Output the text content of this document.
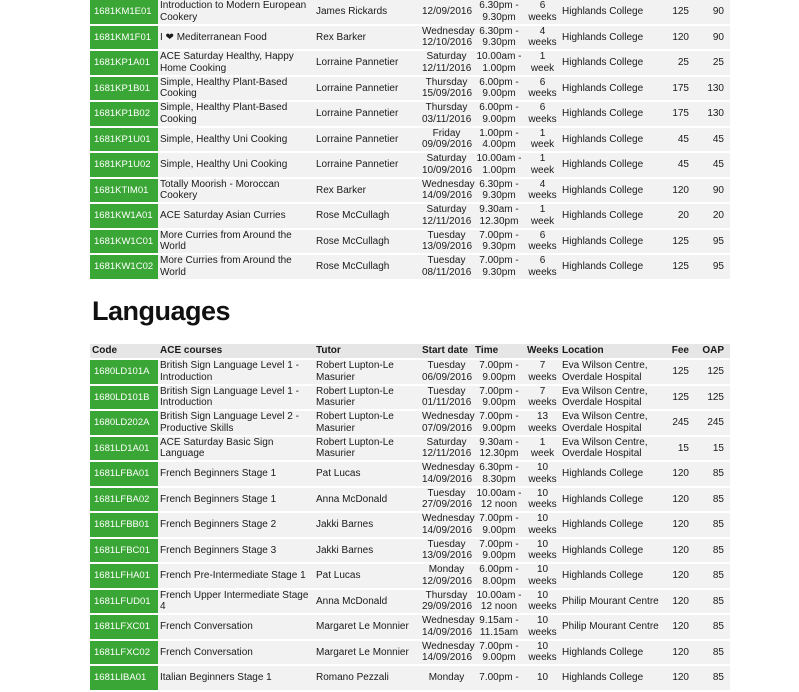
1681KM1E01	Introduction to Modern European Cookery	James Rickards	12/09/2016	6.30pm - 9.30pm	6 weeks	Highlands College	125	90
1681KM1F01	I ❤ Mediterranean Food	Rex Barker	Wednesday 12/10/2016	6.30pm - 9.30pm	4 weeks	Highlands College	120	90
1681KP1A01	ACE Saturday Healthy, Happy Home Cooking	Lorraine Pannetier	Saturday 12/11/2016	10.00am - 1.00pm	1 week	Highlands College	25	25
1681KP1B01	Simple, Healthy Plant-Based Cooking	Lorraine Pannetier	Thursday 15/09/2016	6.00pm - 9.00pm	6 weeks	Highlands College	175	130
1681KP1B02	Simple, Healthy Plant-Based Cooking	Lorraine Pannetier	Thursday 03/11/2016	6.00pm - 9.00pm	6 weeks	Highlands College	175	130
1681KP1U01	Simple, Healthy Uni Cooking	Lorraine Pannetier	Friday 09/09/2016	1.00pm - 4.00pm	1 week	Highlands College	45	45
1681KP1U02	Simple, Healthy Uni Cooking	Lorraine Pannetier	Saturday 10/09/2016	10.00am - 1.00pm	1 week	Highlands College	45	45
1681KTIM01	Totally Moorish - Moroccan Cookery	Rex Barker	Wednesday 14/09/2016	6.30pm - 9.30pm	4 weeks	Highlands College	120	90
1681KW1A01	ACE Saturday Asian Curries	Rose McCullagh	Saturday 12/11/2016	9.30am - 12.30pm	1 week	Highlands College	20	20
1681KW1C01	More Curries from Around the World	Rose McCullagh	Tuesday 13/09/2016	7.00pm - 9.30pm	6 weeks	Highlands College	125	95
1681KW1C02	More Curries from Around the World	Rose McCullagh	Tuesday 08/11/2016	7.00pm - 9.30pm	6 weeks	Highlands College	125	95
Languages
Code	ACE courses	Tutor	Start date	Time	Weeks	Location	Fee	OAP
1680LD101A	British Sign Language Level 1 - Introduction	Robert Lupton-Le Masurier	Tuesday 06/09/2016	7.00pm - 9.00pm	7 weeks	Eva Wilson Centre, Overdale Hospital	125	125
1680LD101B	British Sign Language Level 1 - Introduction	Robert Lupton-Le Masurier	Tuesday 01/11/2016	7.00pm - 9.00pm	7 weeks	Eva Wilson Centre, Overdale Hospital	125	125
1680LD202A	British Sign Language Level 2 - Productive Skills	Robert Lupton-Le Masurier	Wednesday 07/09/2016	7.00pm - 9.00pm	13 weeks	Eva Wilson Centre, Overdale Hospital	245	245
1681LD1A01	ACE Saturday Basic Sign Language	Robert Lupton-Le Masurier	Saturday 12/11/2016	9.30am - 12.30pm	1 week	Eva Wilson Centre, Overdale Hospital	15	15
1681LFBA01	French Beginners Stage 1	Pat Lucas	Wednesday 14/09/2016	6.30pm - 8.30pm	10 weeks	Highlands College	120	85
1681LFBA02	French Beginners Stage 1	Anna McDonald	Tuesday 27/09/2016	10.00am - 12 noon	10 weeks	Highlands College	120	85
1681LFBB01	French Beginners Stage 2	Jakki Barnes	Wednesday 14/09/2016	7.00pm - 9.00pm	10 weeks	Highlands College	120	85
1681LFBC01	French Beginners Stage 3	Jakki Barnes	Tuesday 13/09/2016	7.00pm - 9.00pm	10 weeks	Highlands College	120	85
1681LFHA01	French Pre-Intermediate Stage 1	Pat Lucas	Monday 12/09/2016	6.00pm - 8.00pm	10 weeks	Highlands College	120	85
1681LFUD01	French Upper Intermediate Stage 4	Anna McDonald	Thursday 29/09/2016	10.00am - 12 noon	10 weeks	Philip Mourant Centre	120	85
1681LFXC01	French Conversation	Margaret Le Monnier	Wednesday 14/09/2016	9.15am - 11.15am	10 weeks	Philip Mourant Centre	120	85
1681LFXC02	French Conversation	Margaret Le Monnier	Wednesday 14/09/2016	7.00pm - 9.00pm	10 weeks	Highlands College	120	85
1681LIBA01	Italian Beginners Stage 1	Romano Pezzali	Monday	7.00pm -	10	Highlands College	120	85
